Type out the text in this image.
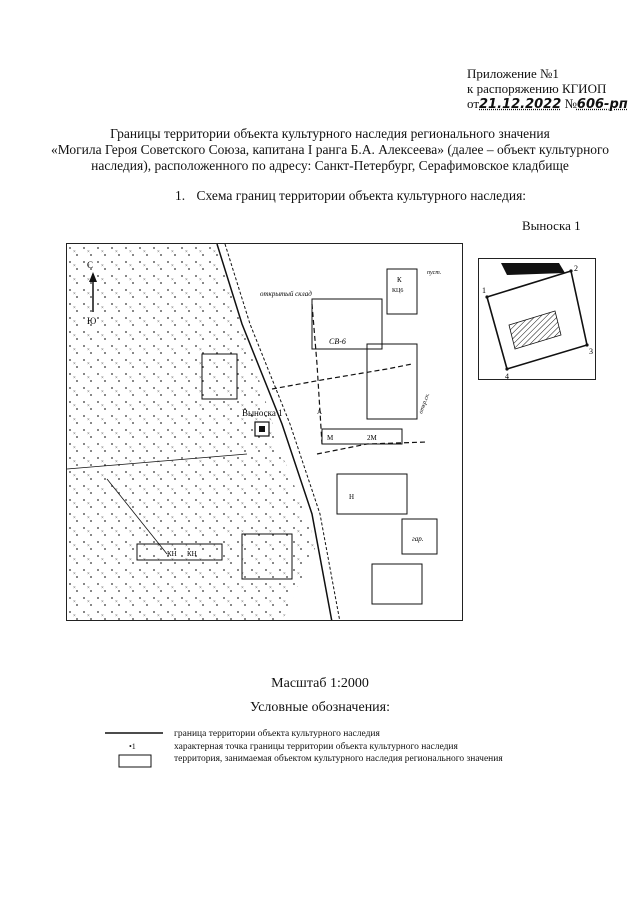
Приложение №1
к распоряжению КГИОП
от21.12.2022 №606-рп
Границы территории объекта культурного наследия регионального значения
«Могила Героя Советского Союза, капитана I ранга Б.А. Алексеева» (далее – объект культурного
наследия), расположенного по адресу: Санкт-Петербург, Серафимовское кладбище
1. Схема границ территории объекта культурного наследия:
Выноска 1
С
Ю
открытый склад
СВ-6
Выноска 1
К
КЦ6
М	2М
гар.
пуст.
откр.ск.
А
КН КН
Н
1
2
3
4
Масштаб 1:2000
Условные обозначения:
граница территории объекта культурного наследия
•1	характерная точка границы территории объекта культурного наследия
территория, занимаемая объектом культурного наследия регионального значения
